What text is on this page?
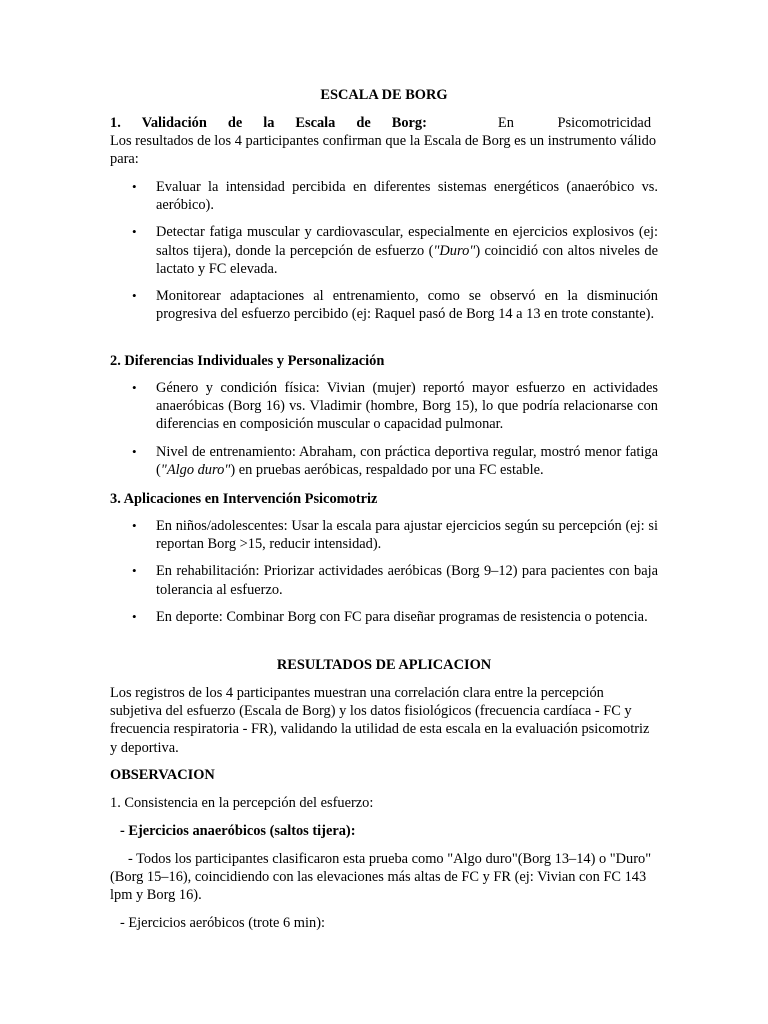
ESCALA DE BORG

1. Validación de la Escala de Borg:	En Psicomotricidad

Los resultados de los 4 participantes confirman que la Escala de Borg es un instrumento válido para:

• Evaluar la intensidad percibida en diferentes sistemas energéticos (anaeróbico vs. aeróbico).
• Detectar fatiga muscular y cardiovascular, especialmente en ejercicios explosivos (ej: saltos tijera), donde la percepción de esfuerzo ("Duro") coincidió con altos niveles de lactato y FC elevada.
• Monitorear adaptaciones al entrenamiento, como se observó en la disminución progresiva del esfuerzo percibido (ej: Raquel pasó de Borg 14 a 13 en trote constante).

2. Diferencias Individuales y Personalización

• Género y condición física: Vivian (mujer) reportó mayor esfuerzo en actividades anaeróbicas (Borg 16) vs. Vladimir (hombre, Borg 15), lo que podría relacionarse con diferencias en composición muscular o capacidad pulmonar.
• Nivel de entrenamiento: Abraham, con práctica deportiva regular, mostró menor fatiga ("Algo duro") en pruebas aeróbicas, respaldado por una FC estable.

3. Aplicaciones en Intervención Psicomotriz

• En niños/adolescentes: Usar la escala para ajustar ejercicios según su percepción (ej: si reportan Borg >15, reducir intensidad).
• En rehabilitación: Priorizar actividades aeróbicas (Borg 9–12) para pacientes con baja tolerancia al esfuerzo.
• En deporte: Combinar Borg con FC para diseñar programas de resistencia o potencia.

RESULTADOS DE APLICACION

Los registros de los 4 participantes muestran una correlación clara entre la percepción subjetiva del esfuerzo (Escala de Borg) y los datos fisiológicos (frecuencia cardíaca - FC y frecuencia respiratoria - FR), validando la utilidad de esta escala en la evaluación psicomotriz y deportiva.

OBSERVACION

1. Consistencia en la percepción del esfuerzo:

- Ejercicios anaeróbicos (saltos tijera):

- Todos los participantes clasificaron esta prueba como "Algo duro"(Borg 13–14) o "Duro" (Borg 15–16), coincidiendo con las elevaciones más altas de FC y FR (ej: Vivian con FC 143 lpm y Borg 16).

- Ejercicios aeróbicos (trote 6 min):
